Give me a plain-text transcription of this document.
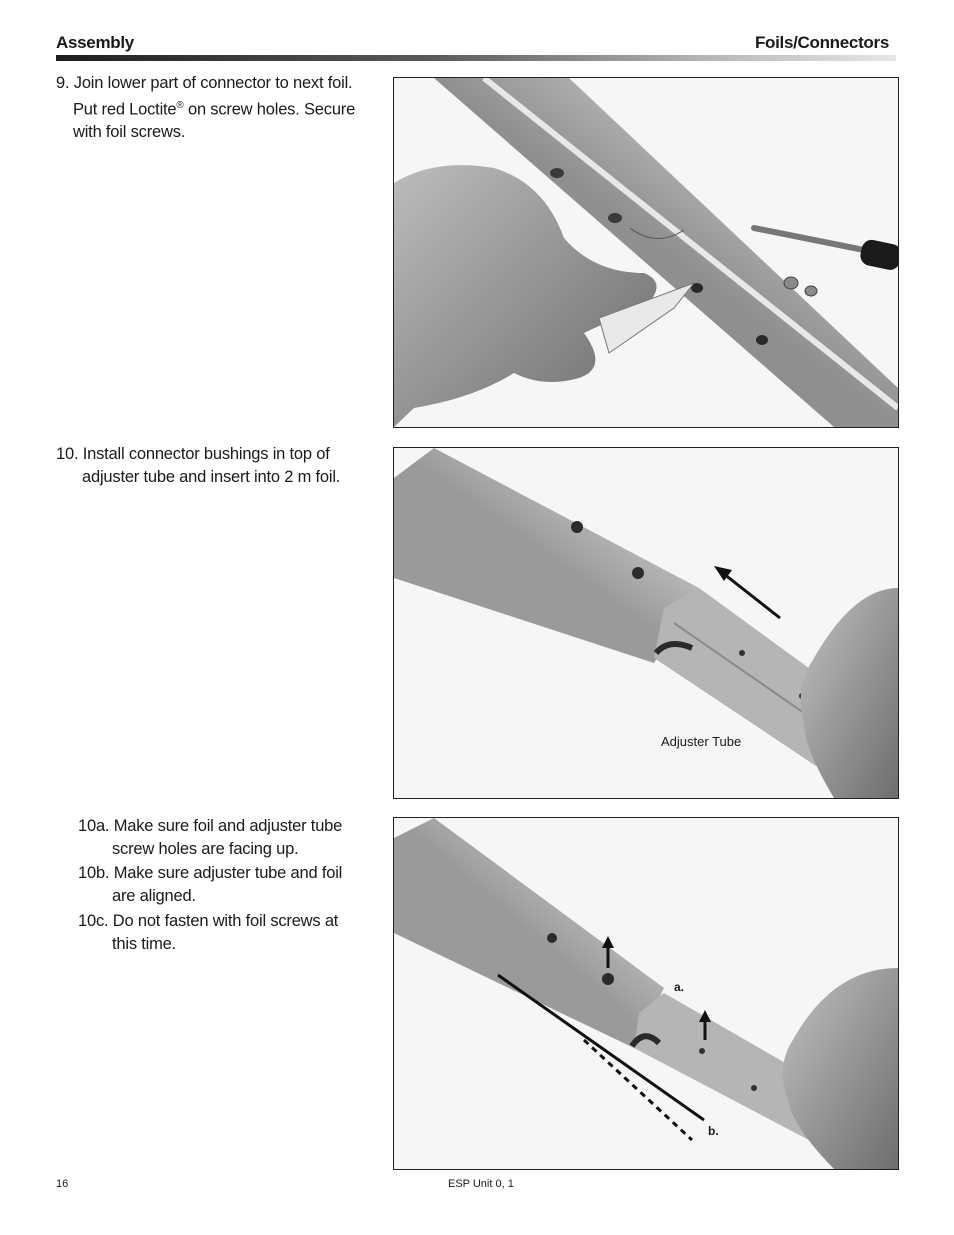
Assembly	Foils/Connectors
9. Join lower part of connector to next foil.
Put red Loctite® on screw holes. Secure
with foil screws.
10. Install connector bushings in top of
adjuster tube and insert into 2 m foil.
10a. Make sure foil and adjuster tube
screw holes are facing up.
10b. Make sure adjuster tube and foil
are aligned.
10c. Do not fasten with foil screws at
this time.
Adjuster Tube
a.
b.
16	ESP Unit 0, 1
